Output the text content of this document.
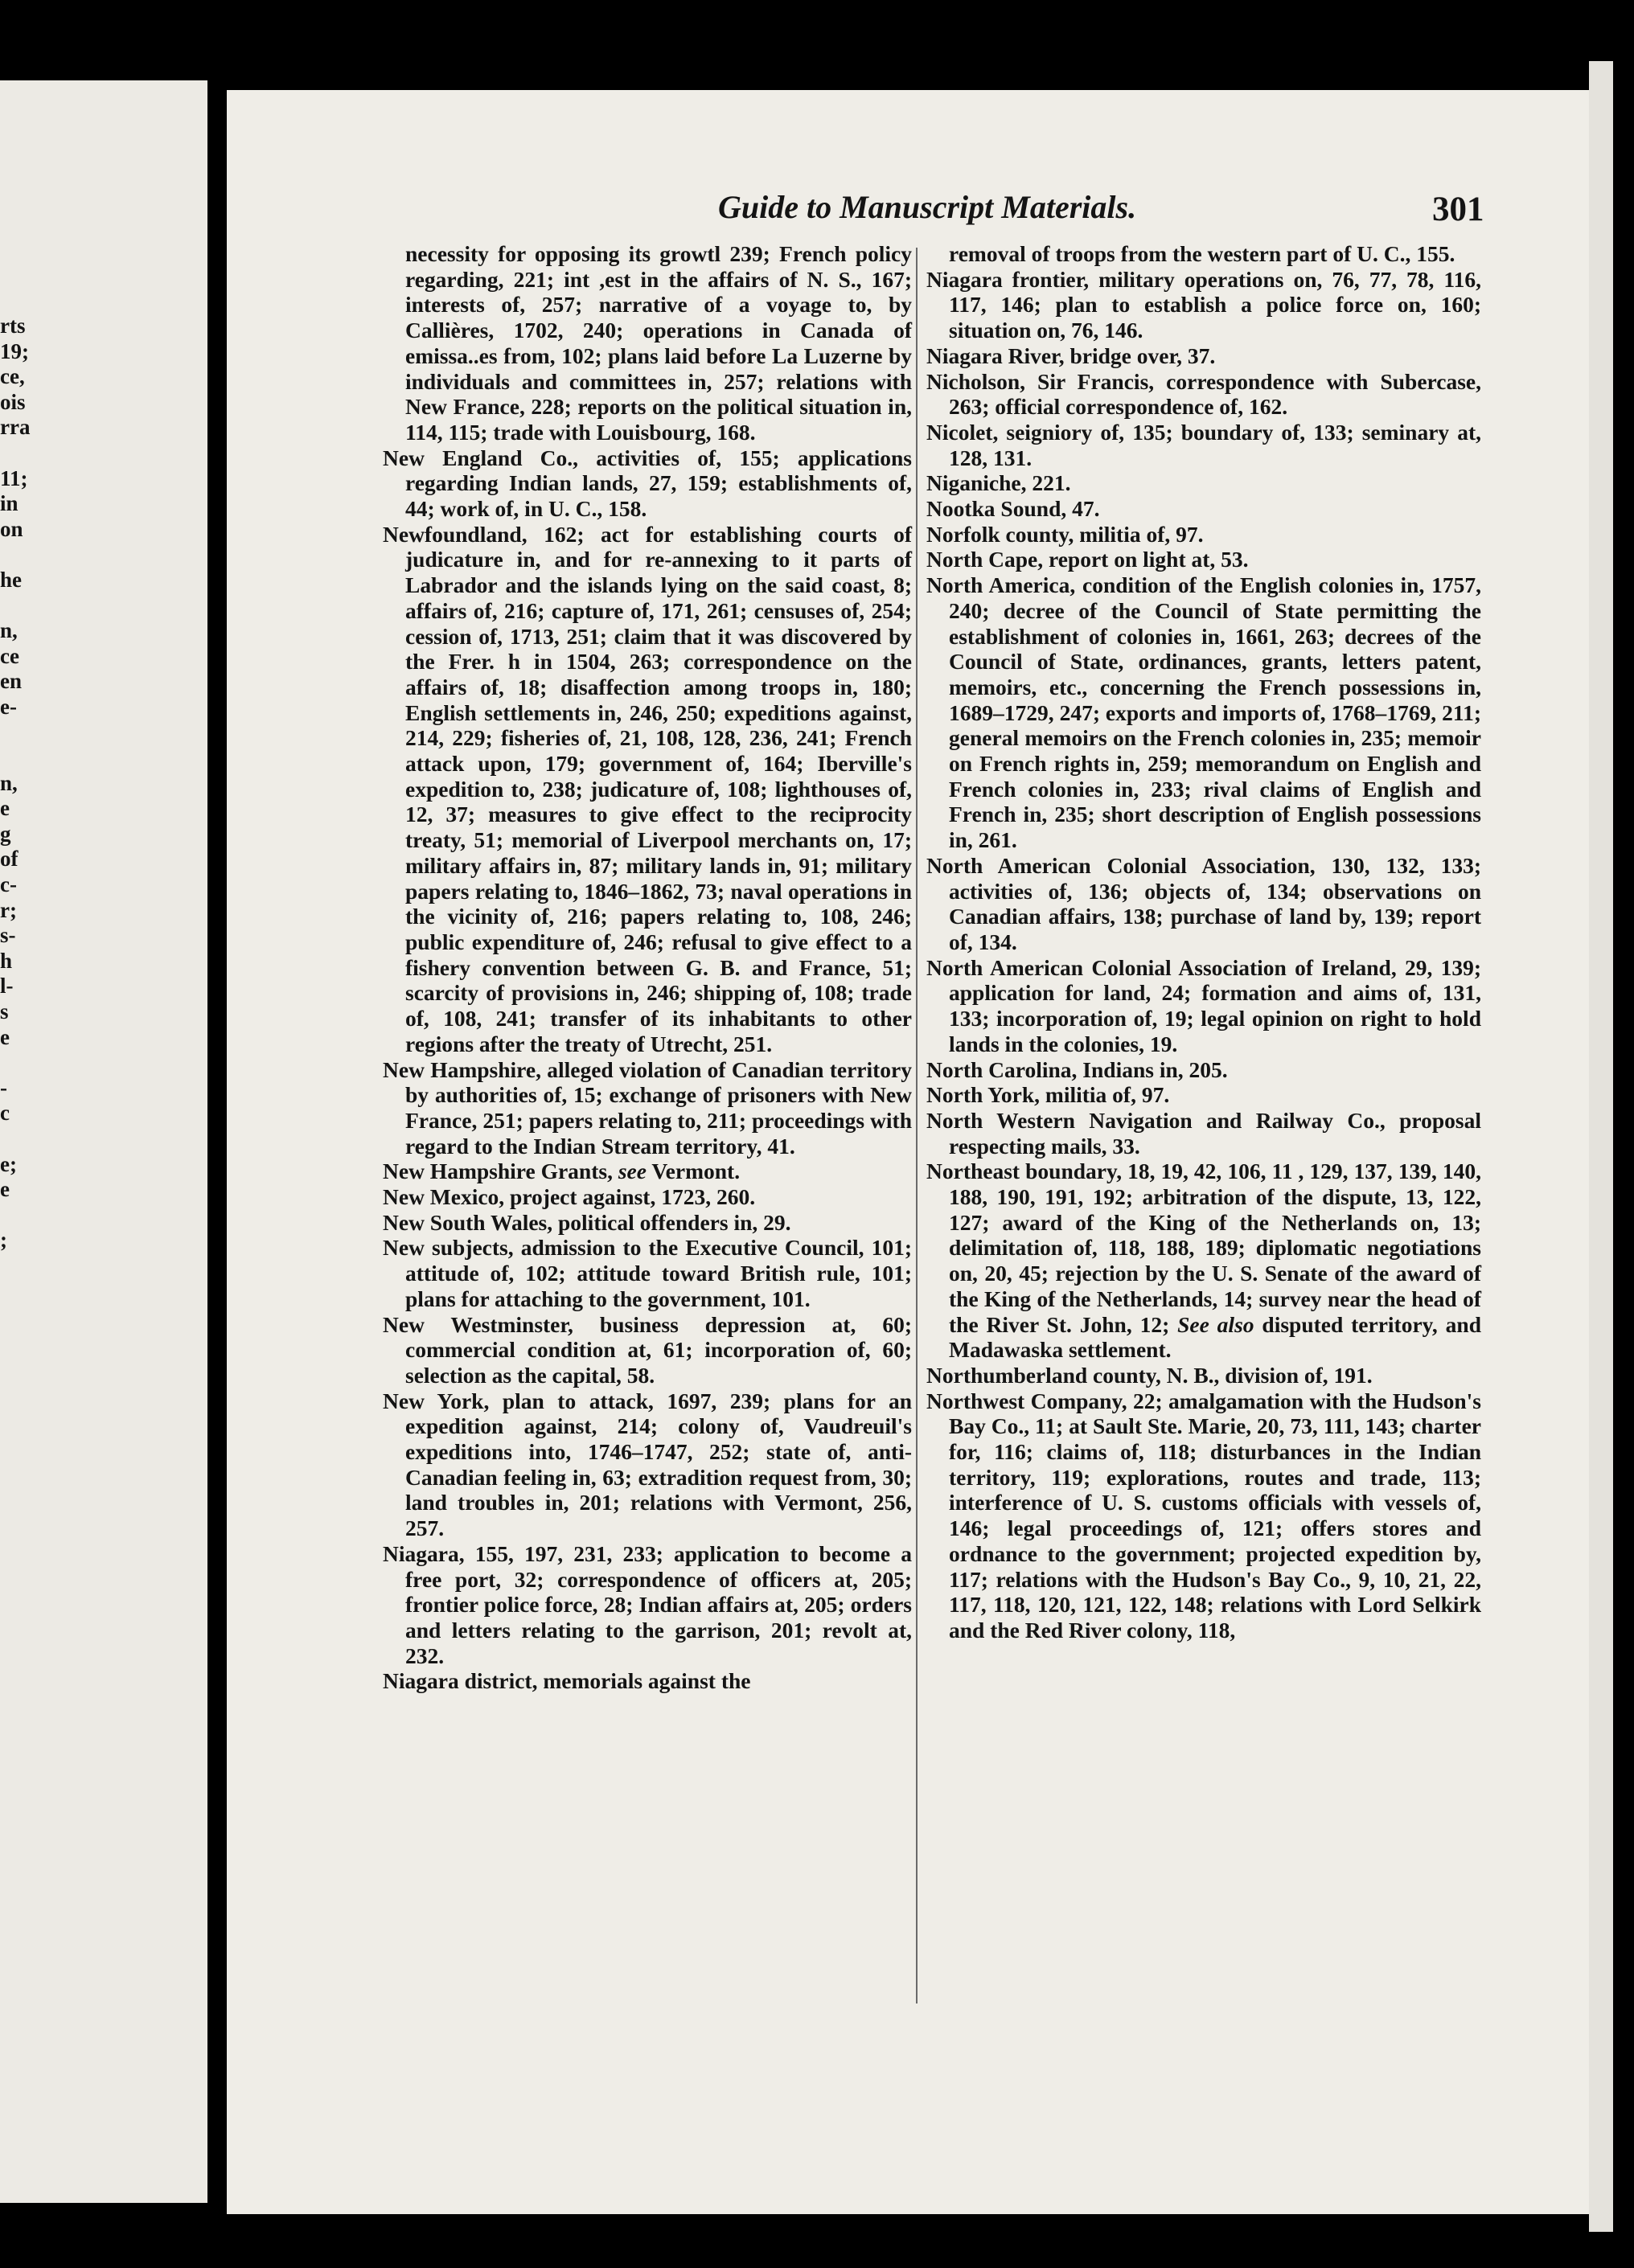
rts
19;
ce,
ois
rra
11;
in
on
he
n,
ce
en
e-
n,
e
g
of
c-
r;
s-
h
l-
s
e
-
c
e;
e
;
Guide to Manuscript Materials.	301

necessity for opposing its growtl 239; French policy regarding, 221; int ,est in the affairs of N. S., 167; interests of, 257; narrative of a voyage to, by Callières, 1702, 240; operations in Canada of emissa..es from, 102; plans laid before La Luzerne by individuals and committees in, 257; relations with New France, 228; reports on the political situation in, 114, 115; trade with Louisbourg, 168.

New England Co., activities of, 155; applications regarding Indian lands, 27, 159; establishments of, 44; work of, in U. C., 158.

Newfoundland, 162; act for establishing courts of judicature in, and for re-annexing to it parts of Labrador and the islands lying on the said coast, 8; affairs of, 216; capture of, 171, 261; censuses of, 254; cession of, 1713, 251; claim that it was discovered by the Frer. h in 1504, 263; correspondence on the affairs of, 18; disaffection among troops in, 180; English settlements in, 246, 250; expeditions against, 214, 229; fisheries of, 21, 108, 128, 236, 241; French attack upon, 179; government of, 164; Iberville's expedition to, 238; judicature of, 108; lighthouses of, 12, 37; measures to give effect to the reciprocity treaty, 51; memorial of Liverpool merchants on, 17; military affairs in, 87; military lands in, 91; military papers relating to, 1846–1862, 73; naval operations in the vicinity of, 216; papers relating to, 108, 246; public expenditure of, 246; refusal to give effect to a fishery convention between G. B. and France, 51; scarcity of provisions in, 246; shipping of, 108; trade of, 108, 241; transfer of its inhabitants to other regions after the treaty of Utrecht, 251.

New Hampshire, alleged violation of Canadian territory by authorities of, 15; exchange of prisoners with New France, 251; papers relating to, 211; proceedings with regard to the Indian Stream territory, 41.

New Hampshire Grants, see Vermont.

New Mexico, project against, 1723, 260.

New South Wales, political offenders in, 29.

New subjects, admission to the Executive Council, 101; attitude of, 102; attitude toward British rule, 101; plans for attaching to the government, 101.

New Westminster, business depression at, 60; commercial condition at, 61; incorporation of, 60; selection as the capital, 58.

New York, plan to attack, 1697, 239; plans for an expedition against, 214; colony of, Vaudreuil's expeditions into, 1746–1747, 252; state of, anti-Canadian feeling in, 63; extradition request from, 30; land troubles in, 201; relations with Vermont, 256, 257.

Niagara, 155, 197, 231, 233; application to become a free port, 32; correspondence of officers at, 205; frontier police force, 28; Indian affairs at, 205; orders and letters relating to the garrison, 201; revolt at, 232.

Niagara district, memorials against the

removal of troops from the western part of U. C., 155.

Niagara frontier, military operations on, 76, 77, 78, 116, 117, 146; plan to establish a police force on, 160; situation on, 76, 146.

Niagara River, bridge over, 37.

Nicholson, Sir Francis, correspondence with Subercase, 263; official correspondence of, 162.

Nicolet, seigniory of, 135; boundary of, 133; seminary at, 128, 131.

Niganiche, 221.

Nootka Sound, 47.

Norfolk county, militia of, 97.

North Cape, report on light at, 53.

North America, condition of the English colonies in, 1757, 240; decree of the Council of State permitting the establishment of colonies in, 1661, 263; decrees of the Council of State, ordinances, grants, letters patent, memoirs, etc., concerning the French possessions in, 1689–1729, 247; exports and imports of, 1768–1769, 211; general memoirs on the French colonies in, 235; memoir on French rights in, 259; memorandum on English and French colonies in, 233; rival claims of English and French in, 235; short description of English possessions in, 261.

North American Colonial Association, 130, 132, 133; activities of, 136; objects of, 134; observations on Canadian affairs, 138; purchase of land by, 139; report of, 134.

North American Colonial Association of Ireland, 29, 139; application for land, 24; formation and aims of, 131, 133; incorporation of, 19; legal opinion on right to hold lands in the colonies, 19.

North Carolina, Indians in, 205.

North York, militia of, 97.

North Western Navigation and Railway Co., proposal respecting mails, 33.

Northeast boundary, 18, 19, 42, 106, 11 , 129, 137, 139, 140, 188, 190, 191, 192; arbitration of the dispute, 13, 122, 127; award of the King of the Netherlands on, 13; delimitation of, 118, 188, 189; diplomatic negotiations on, 20, 45; rejection by the U. S. Senate of the award of the King of the Netherlands, 14; survey near the head of the River St. John, 12; See also disputed territory, and Madawaska settlement.

Northumberland county, N. B., division of, 191.

Northwest Company, 22; amalgamation with the Hudson's Bay Co., 11; at Sault Ste. Marie, 20, 73, 111, 143; charter for, 116; claims of, 118; disturbances in the Indian territory, 119; explorations, routes and trade, 113; interference of U. S. customs officials with vessels of, 146; legal proceedings of, 121; offers stores and ordnance to the government; projected expedition by, 117; relations with the Hudson's Bay Co., 9, 10, 21, 22, 117, 118, 120, 121, 122, 148; relations with Lord Selkirk and the Red River colony, 118,
